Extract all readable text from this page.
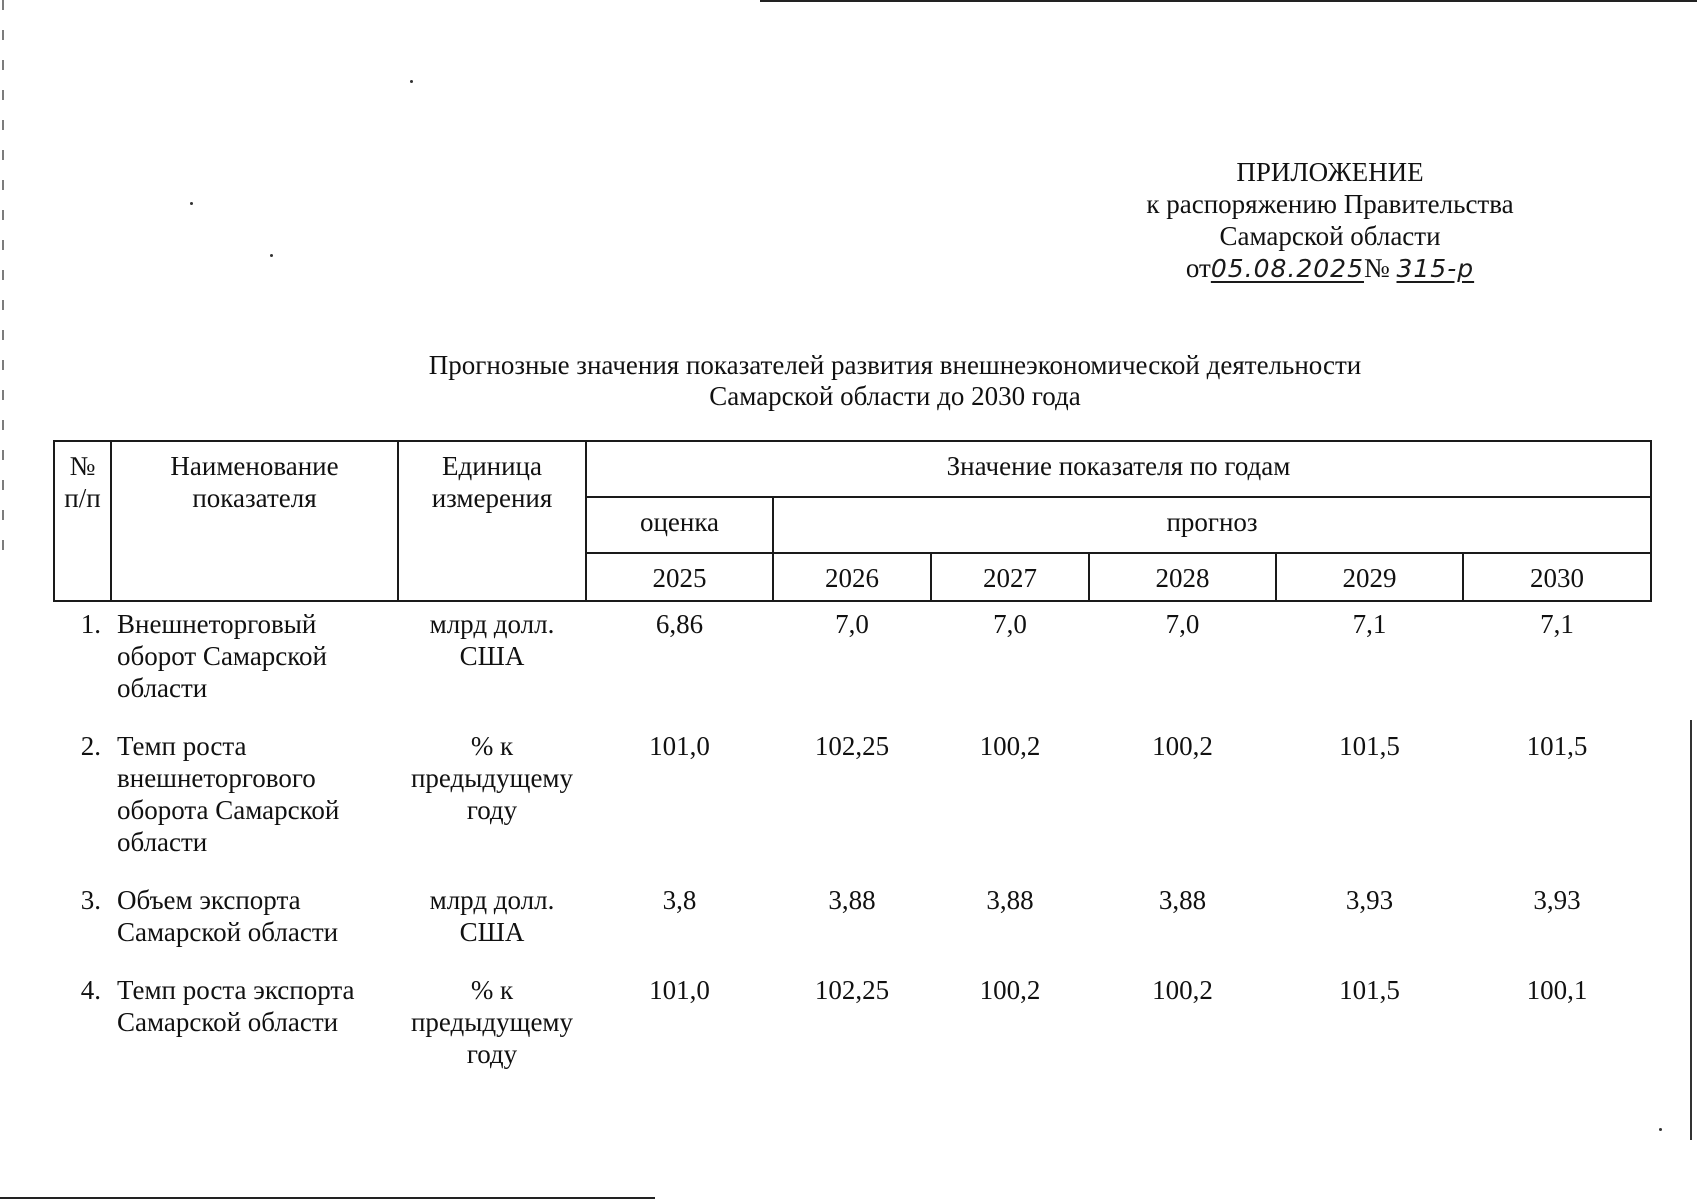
ПРИЛОЖЕНИЕ
к распоряжению Правительства
Самарской области
от05.08.2025№ 315-р
Прогнозные значения показателей развития внешнеэкономической деятельности
Самарской области до 2030 года
№ п/п	Наименование показателя	Единица измерения	Значение показателя по годам					
			оценка	прогноз				
			2025	2026	2027	2028	2029	2030
1.	Внешнеторговый оборот Самарской области	млрд долл. США	6,86	7,0	7,0	7,0	7,1	7,1
2.	Темп роста внешнеторгового оборота Самарской области	% к предыдущему году	101,0	102,25	100,2	100,2	101,5	101,5
3.	Объем экспорта Самарской области	млрд долл. США	3,8	3,88	3,88	3,88	3,93	3,93
4.	Темп роста экспорта Самарской области	% к предыдущему году	101,0	102,25	100,2	100,2	101,5	100,1
